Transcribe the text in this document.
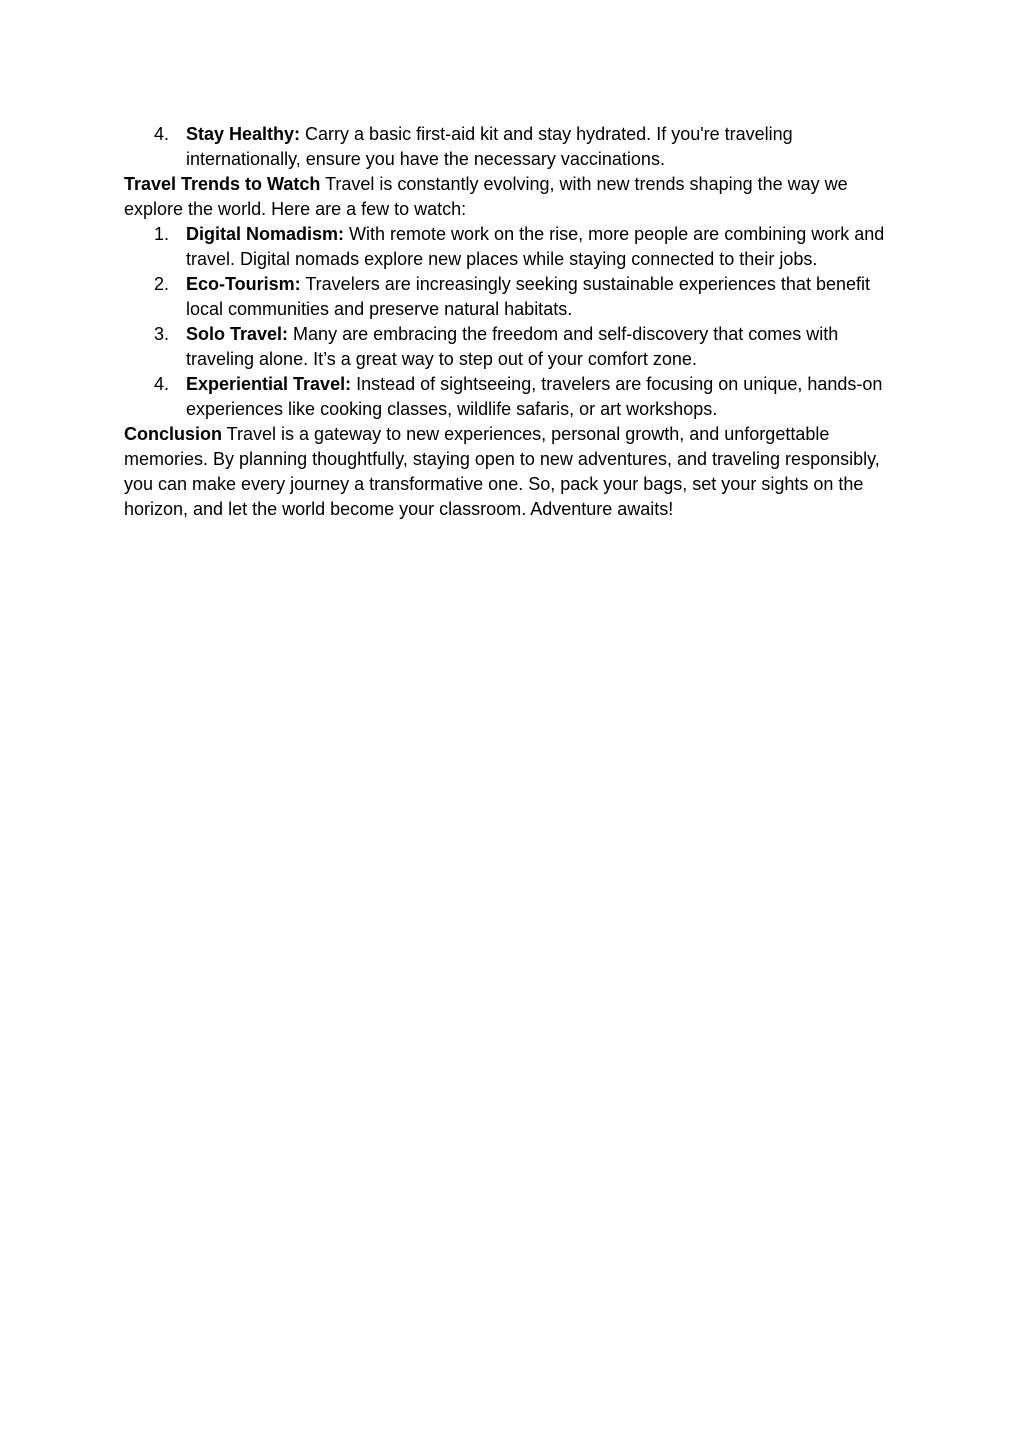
4. Stay Healthy: Carry a basic first-aid kit and stay hydrated. If you're traveling internationally, ensure you have the necessary vaccinations.

Travel Trends to Watch Travel is constantly evolving, with new trends shaping the way we explore the world. Here are a few to watch:

1. Digital Nomadism: With remote work on the rise, more people are combining work and travel. Digital nomads explore new places while staying connected to their jobs.
2. Eco-Tourism: Travelers are increasingly seeking sustainable experiences that benefit local communities and preserve natural habitats.
3. Solo Travel: Many are embracing the freedom and self-discovery that comes with traveling alone. It’s a great way to step out of your comfort zone.
4. Experiential Travel: Instead of sightseeing, travelers are focusing on unique, hands-on experiences like cooking classes, wildlife safaris, or art workshops.

Conclusion Travel is a gateway to new experiences, personal growth, and unforgettable memories. By planning thoughtfully, staying open to new adventures, and traveling responsibly, you can make every journey a transformative one. So, pack your bags, set your sights on the horizon, and let the world become your classroom. Adventure awaits!
